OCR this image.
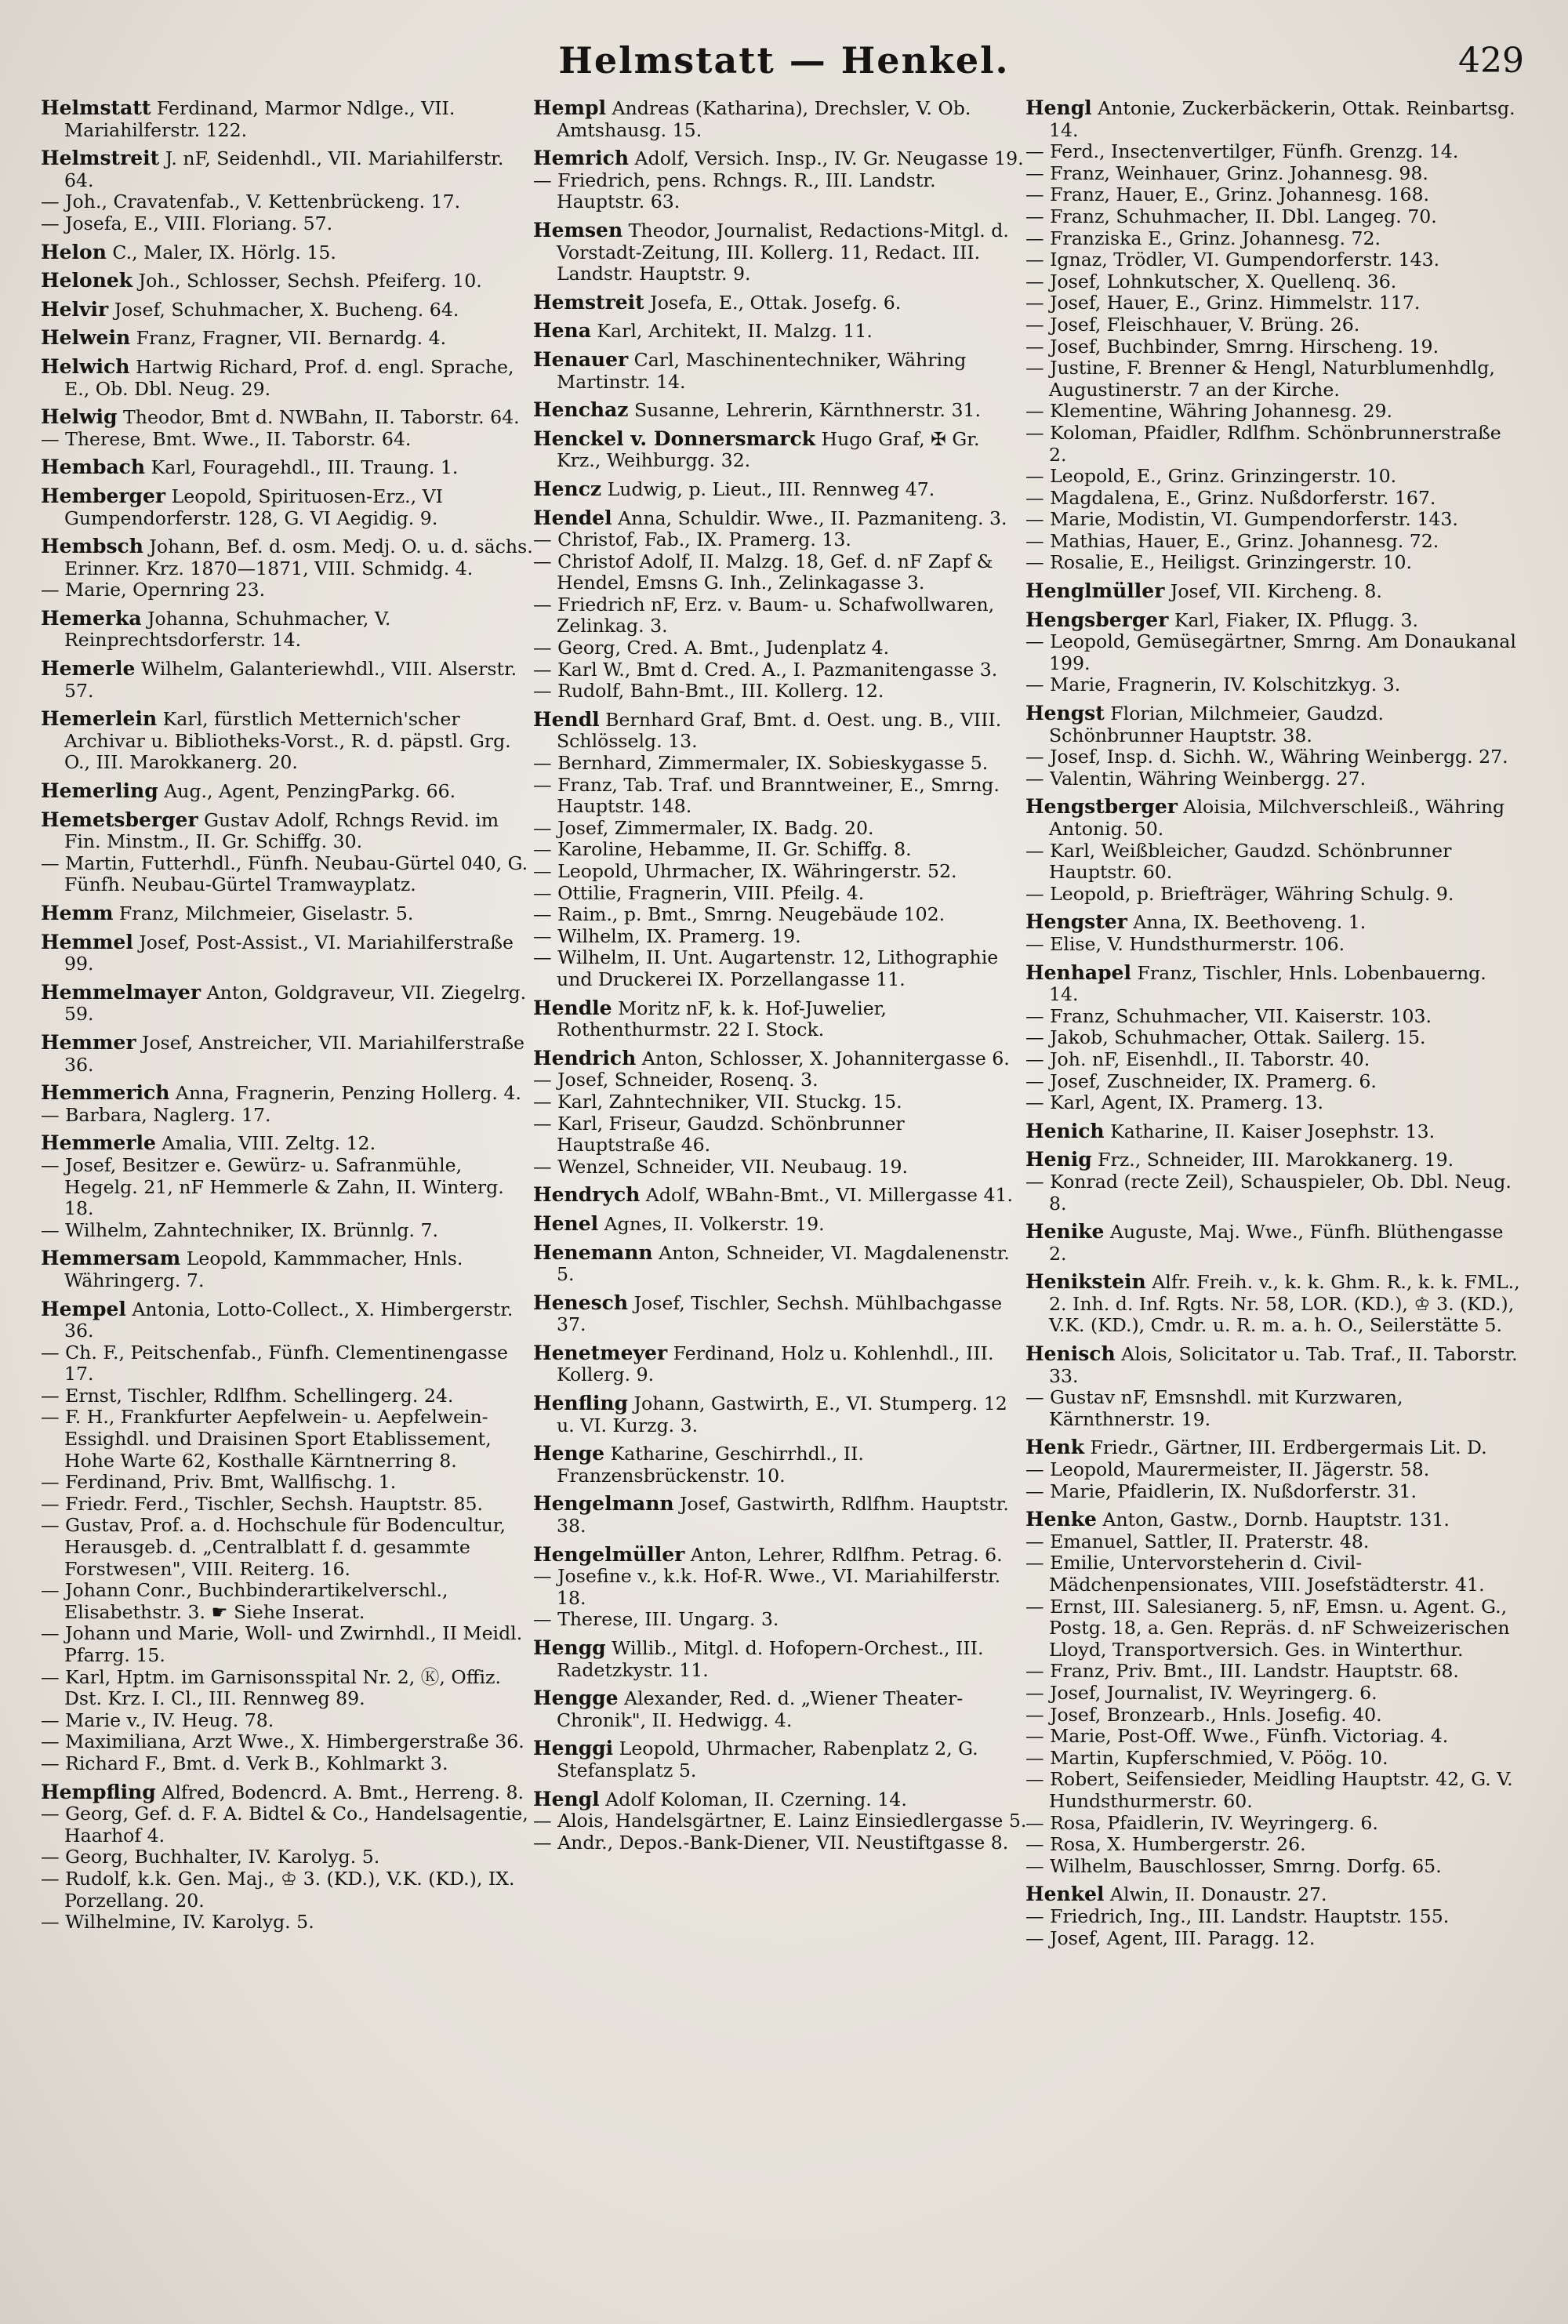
Helmstatt — Henkel.	429
Helmstatt Ferdinand, Marmor Ndlge., VII. Mariahilferstr. 122.
Helmstreit J. nF, Seidenhdl., VII. Mariahilferstr. 64.
— Joh., Cravatenfab., V. Kettenbrückeng. 17.
— Josefa, E., VIII. Floriang. 57.
Helon C., Maler, IX. Hörlg. 15.
Helonek Joh., Schlosser, Sechsh. Pfeiferg. 10.
Helvir Josef, Schuhmacher, X. Bucheng. 64.
Helwein Franz, Fragner, VII. Bernardg. 4.
Helwich Hartwig Richard, Prof. d. engl. Sprache, E., Ob. Dbl. Neug. 29.
Helwig Theodor, Bmt d. NWBahn, II. Taborstr. 64.
— Therese, Bmt. Wwe., II. Taborstr. 64.
Hembach Karl, Fouragehdl., III. Traung. 1.
Hemberger Leopold, Spirituosen-Erz., VI Gumpendorferstr. 128, G. VI Aegidig. 9.
Hembsch Johann, Bef. d. osm. Medj. O. u. d. sächs. Erinner. Krz. 1870—1871, VIII. Schmidg. 4.
— Marie, Opernring 23.
Hemerka Johanna, Schuhmacher, V. Reinprechtsdorferstr. 14.
Hemerle Wilhelm, Galanteriewhdl., VIII. Alserstr. 57.
Hemerlein Karl, fürstlich Metternich'scher Archivar u. Bibliotheks-Vorst., R. d. päpstl. Grg. O., III. Marokkanerg. 20.
Hemerling Aug., Agent, PenzingParkg. 66.
Hemetsberger Gustav Adolf, Rchngs Revid. im Fin. Minstm., II. Gr. Schiffg. 30.
— Martin, Futterhdl., Fünfh. Neubau-Gürtel 040, G. Fünfh. Neubau-Gürtel Tramwayplatz.
Hemm Franz, Milchmeier, Giselastr. 5.
Hemmel Josef, Post-Assist., VI. Mariahilferstraße 99.
Hemmelmayer Anton, Goldgraveur, VII. Ziegelrg. 59.
Hemmer Josef, Anstreicher, VII. Mariahilferstraße 36.
Hemmerich Anna, Fragnerin, Penzing Hollerg. 4.
— Barbara, Naglerg. 17.
Hemmerle Amalia, VIII. Zeltg. 12.
— Josef, Besitzer e. Gewürz- u. Safranmühle, Hegelg. 21, nF Hemmerle & Zahn, II. Winterg. 18.
— Wilhelm, Zahntechniker, IX. Brünnlg. 7.
Hemmersam Leopold, Kammmacher, Hnls. Währingerg. 7.
Hempel Antonia, Lotto-Collect., X. Himbergerstr. 36.
— Ch. F., Peitschenfab., Fünfh. Clementinengasse 17.
— Ernst, Tischler, Rdlfhm. Schellingerg. 24.
— F. H., Frankfurter Aepfelwein- u. Aepfelwein-Essighdl. und Draisinen Sport Etablissement, Hohe Warte 62, Kosthalle Kärntnerring 8.
— Ferdinand, Priv. Bmt, Wallfischg. 1.
— Friedr. Ferd., Tischler, Sechsh. Hauptstr. 85.
— Gustav, Prof. a. d. Hochschule für Bodencultur, Herausgeb. d. „Centralblatt f. d. gesammte Forstwesen", VIII. Reiterg. 16.
— Johann Conr., Buchbinderartikelverschl., Elisabethstr. 3. ☛ Siehe Inserat.
— Johann und Marie, Woll- und Zwirnhdl., II Meidl. Pfarrg. 15.
— Karl, Hptm. im Garnisonsspital Nr. 2, Ⓚ, Offiz. Dst. Krz. I. Cl., III. Rennweg 89.
— Marie v., IV. Heug. 78.
— Maximiliana, Arzt Wwe., X. Himbergerstraße 36.
— Richard F., Bmt. d. Verk B., Kohlmarkt 3.
Hempfling Alfred, Bodencrd. A. Bmt., Herreng. 8.
— Georg, Gef. d. F. A. Bidtel & Co., Handelsagentie, Haarhof 4.
— Georg, Buchhalter, IV. Karolyg. 5.
— Rudolf, k.k. Gen. Maj., ♔ 3. (KD.), V.K. (KD.), IX. Porzellang. 20.
— Wilhelmine, IV. Karolyg. 5.
Hempl Andreas (Katharina), Drechsler, V. Ob. Amtshausg. 15.
Hemrich Adolf, Versich. Insp., IV. Gr. Neugasse 19.
— Friedrich, pens. Rchngs. R., III. Landstr. Hauptstr. 63.
Hemsen Theodor, Journalist, Redactions-Mitgl. d. Vorstadt-Zeitung, III. Kollerg. 11, Redact. III. Landstr. Hauptstr. 9.
Hemstreit Josefa, E., Ottak. Josefg. 6.
Hena Karl, Architekt, II. Malzg. 11.
Henauer Carl, Maschinentechniker, Währing Martinstr. 14.
Henchaz Susanne, Lehrerin, Kärnthnerstr. 31.
Henckel v. Donnersmarck Hugo Graf, ✠ Gr. Krz., Weihburgg. 32.
Hencz Ludwig, p. Lieut., III. Rennweg 47.
Hendel Anna, Schuldir. Wwe., II. Pazmaniteng. 3.
— Christof, Fab., IX. Pramerg. 13.
— Christof Adolf, II. Malzg. 18, Gef. d. nF Zapf & Hendel, Emsns G. Inh., Zelinkagasse 3.
— Friedrich nF, Erz. v. Baum- u. Schafwollwaren, Zelinkag. 3.
— Georg, Cred. A. Bmt., Judenplatz 4.
— Karl W., Bmt d. Cred. A., I. Pazmanitengasse 3.
— Rudolf, Bahn-Bmt., III. Kollerg. 12.
Hendl Bernhard Graf, Bmt. d. Oest. ung. B., VIII. Schlösselg. 13.
— Bernhard, Zimmermaler, IX. Sobieskygasse 5.
— Franz, Tab. Traf. und Branntweiner, E., Smrng. Hauptstr. 148.
— Josef, Zimmermaler, IX. Badg. 20.
— Karoline, Hebamme, II. Gr. Schiffg. 8.
— Leopold, Uhrmacher, IX. Währingerstr. 52.
— Ottilie, Fragnerin, VIII. Pfeilg. 4.
— Raim., p. Bmt., Smrng. Neugebäude 102.
— Wilhelm, IX. Pramerg. 19.
— Wilhelm, II. Unt. Augartenstr. 12, Lithographie und Druckerei IX. Porzellangasse 11.
Hendle Moritz nF, k. k. Hof-Juwelier, Rothenthurmstr. 22 I. Stock.
Hendrich Anton, Schlosser, X. Johannitergasse 6.
— Josef, Schneider, Rosenq. 3.
— Karl, Zahntechniker, VII. Stuckg. 15.
— Karl, Friseur, Gaudzd. Schönbrunner Hauptstraße 46.
— Wenzel, Schneider, VII. Neubaug. 19.
Hendrych Adolf, WBahn-Bmt., VI. Millergasse 41.
Henel Agnes, II. Volkerstr. 19.
Henemann Anton, Schneider, VI. Magdalenenstr. 5.
Henesch Josef, Tischler, Sechsh. Mühlbachgasse 37.
Henetmeyer Ferdinand, Holz u. Kohlenhdl., III. Kollerg. 9.
Henfling Johann, Gastwirth, E., VI. Stumperg. 12 u. VI. Kurzg. 3.
Henge Katharine, Geschirrhdl., II. Franzensbrückenstr. 10.
Hengelmann Josef, Gastwirth, Rdlfhm. Hauptstr. 38.
Hengelmüller Anton, Lehrer, Rdlfhm. Petrag. 6.
— Josefine v., k.k. Hof-R. Wwe., VI. Mariahilferstr. 18.
— Therese, III. Ungarg. 3.
Hengg Willib., Mitgl. d. Hofopern-Orchest., III. Radetzkystr. 11.
Hengge Alexander, Red. d. „Wiener Theater-Chronik", II. Hedwigg. 4.
Henggi Leopold, Uhrmacher, Rabenplatz 2, G. Stefansplatz 5.
Hengl Adolf Koloman, II. Czerning. 14.
— Alois, Handelsgärtner, E. Lainz Einsiedlergasse 5.
— Andr., Depos.-Bank-Diener, VII. Neustiftgasse 8.
Hengl Antonie, Zuckerbäckerin, Ottak. Reinbartsg. 14.
— Ferd., Insectenvertilger, Fünfh. Grenzg. 14.
— Franz, Weinhauer, Grinz. Johannesg. 98.
— Franz, Hauer, E., Grinz. Johannesg. 168.
— Franz, Schuhmacher, II. Dbl. Langeg. 70.
— Franziska E., Grinz. Johannesg. 72.
— Ignaz, Trödler, VI. Gumpendorferstr. 143.
— Josef, Lohnkutscher, X. Quellenq. 36.
— Josef, Hauer, E., Grinz. Himmelstr. 117.
— Josef, Fleischhauer, V. Brüng. 26.
— Josef, Buchbinder, Smrng. Hirscheng. 19.
— Justine, F. Brenner & Hengl, Naturblumenhdlg, Augustinerstr. 7 an der Kirche.
— Klementine, Währing Johannesg. 29.
— Koloman, Pfaidler, Rdlfhm. Schönbrunnerstraße 2.
— Leopold, E., Grinz. Grinzingerstr. 10.
— Magdalena, E., Grinz. Nußdorferstr. 167.
— Marie, Modistin, VI. Gumpendorferstr. 143.
— Mathias, Hauer, E., Grinz. Johannesg. 72.
— Rosalie, E., Heiligst. Grinzingerstr. 10.
Henglmüller Josef, VII. Kircheng. 8.
Hengsberger Karl, Fiaker, IX. Pflugg. 3.
— Leopold, Gemüsegärtner, Smrng. Am Donaukanal 199.
— Marie, Fragnerin, IV. Kolschitzkyg. 3.
Hengst Florian, Milchmeier, Gaudzd. Schönbrunner Hauptstr. 38.
— Josef, Insp. d. Sichh. W., Währing Weinbergg. 27.
— Valentin, Währing Weinbergg. 27.
Hengstberger Aloisia, Milchverschleiß., Währing Antonig. 50.
— Karl, Weißbleicher, Gaudzd. Schönbrunner Hauptstr. 60.
— Leopold, p. Briefträger, Währing Schulg. 9.
Hengster Anna, IX. Beethoveng. 1.
— Elise, V. Hundsthurmerstr. 106.
Henhapel Franz, Tischler, Hnls. Lobenbauerng. 14.
— Franz, Schuhmacher, VII. Kaiserstr. 103.
— Jakob, Schuhmacher, Ottak. Sailerg. 15.
— Joh. nF, Eisenhdl., II. Taborstr. 40.
— Josef, Zuschneider, IX. Pramerg. 6.
— Karl, Agent, IX. Pramerg. 13.
Henich Katharine, II. Kaiser Josephstr. 13.
Henig Frz., Schneider, III. Marokkanerg. 19.
— Konrad (recte Zeil), Schauspieler, Ob. Dbl. Neug. 8.
Henike Auguste, Maj. Wwe., Fünfh. Blüthengasse 2.
Henikstein Alfr. Freih. v., k. k. Ghm. R., k. k. FML., 2. Inh. d. Inf. Rgts. Nr. 58, LOR. (KD.), ♔ 3. (KD.), V.K. (KD.), Cmdr. u. R. m. a. h. O., Seilerstätte 5.
Henisch Alois, Solicitator u. Tab. Traf., II. Taborstr. 33.
— Gustav nF, Emsnshdl. mit Kurzwaren, Kärnthnerstr. 19.
Henk Friedr., Gärtner, III. Erdbergermais Lit. D.
— Leopold, Maurermeister, II. Jägerstr. 58.
— Marie, Pfaidlerin, IX. Nußdorferstr. 31.
Henke Anton, Gastw., Dornb. Hauptstr. 131.
— Emanuel, Sattler, II. Praterstr. 48.
— Emilie, Untervorsteherin d. Civil-Mädchenpensionates, VIII. Josefstädterstr. 41.
— Ernst, III. Salesianerg. 5, nF, Emsn. u. Agent. G., Postg. 18, a. Gen. Repräs. d. nF Schweizerischen Lloyd, Transportversich. Ges. in Winterthur.
— Franz, Priv. Bmt., III. Landstr. Hauptstr. 68.
— Josef, Journalist, IV. Weyringerg. 6.
— Josef, Bronzearb., Hnls. Josefig. 40.
— Marie, Post-Off. Wwe., Fünfh. Victoriag. 4.
— Martin, Kupferschmied, V. Pöög. 10.
— Robert, Seifensieder, Meidling Hauptstr. 42, G. V. Hundsthurmerstr. 60.
— Rosa, Pfaidlerin, IV. Weyringerg. 6.
— Rosa, X. Humbergerstr. 26.
— Wilhelm, Bauschlosser, Smrng. Dorfg. 65.
Henkel Alwin, II. Donaustr. 27.
— Friedrich, Ing., III. Landstr. Hauptstr. 155.
— Josef, Agent, III. Paragg. 12.
